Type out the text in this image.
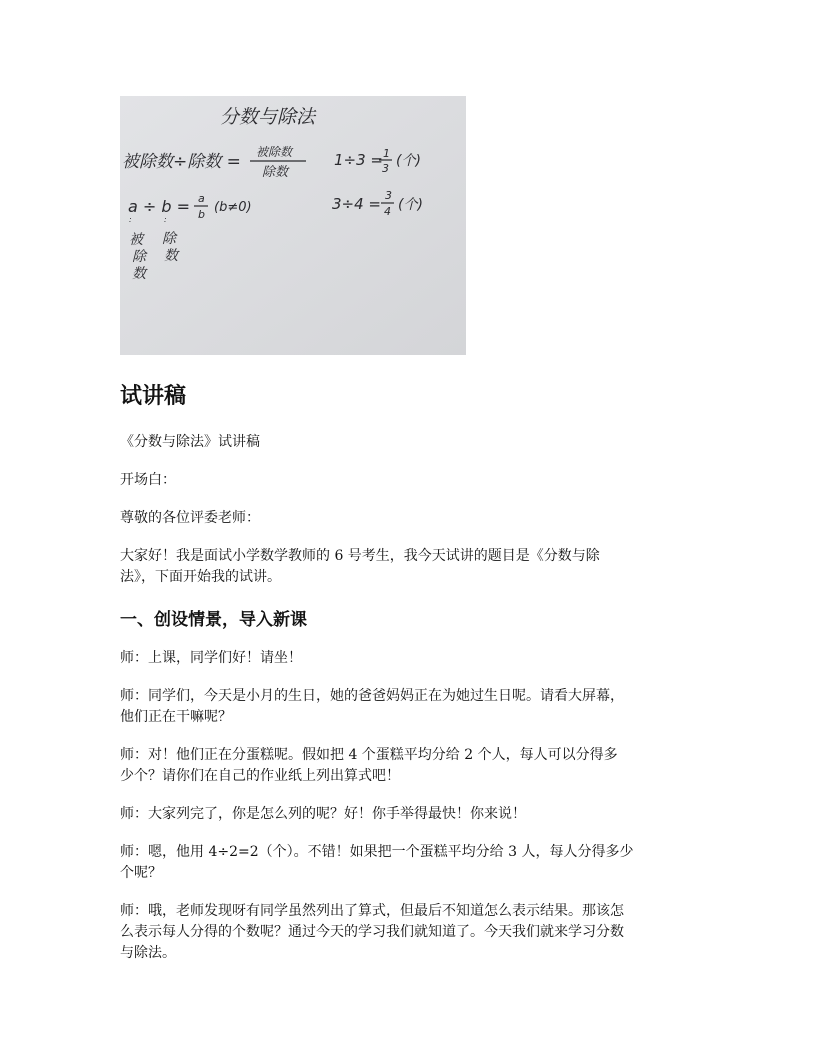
分数与除法
被除数÷除数 = 被除数
除数
1÷3 = 1
3 (个)
a ÷ b = a
b (b≠0)	3÷4 = 3
4 (个)
:	:
被
除
数
除
数
试讲稿

《分数与除法》试讲稿

开场白：

尊敬的各位评委老师：

大家好！我是面试小学数学教师的 6 号考生，我今天试讲的题目是《分数与除

法》，下面开始我的试讲。

一、创设情景，导入新课

师：上课，同学们好！请坐！

师：同学们，今天是小月的生日，她的爸爸妈妈正在为她过生日呢。请看大屏幕，

他们正在干嘛呢？

师：对！他们正在分蛋糕呢。假如把 4 个蛋糕平均分给 2 个人，每人可以分得多

少个？请你们在自己的作业纸上列出算式吧！

师：大家列完了，你是怎么列的呢？好！你手举得最快！你来说！

师：嗯，他用 4÷2=2（个）。不错！如果把一个蛋糕平均分给 3 人，每人分得多少

个呢？

师：哦，老师发现呀有同学虽然列出了算式，但最后不知道怎么表示结果。那该怎

么表示每人分得的个数呢？通过今天的学习我们就知道了。今天我们就来学习分数

与除法。
